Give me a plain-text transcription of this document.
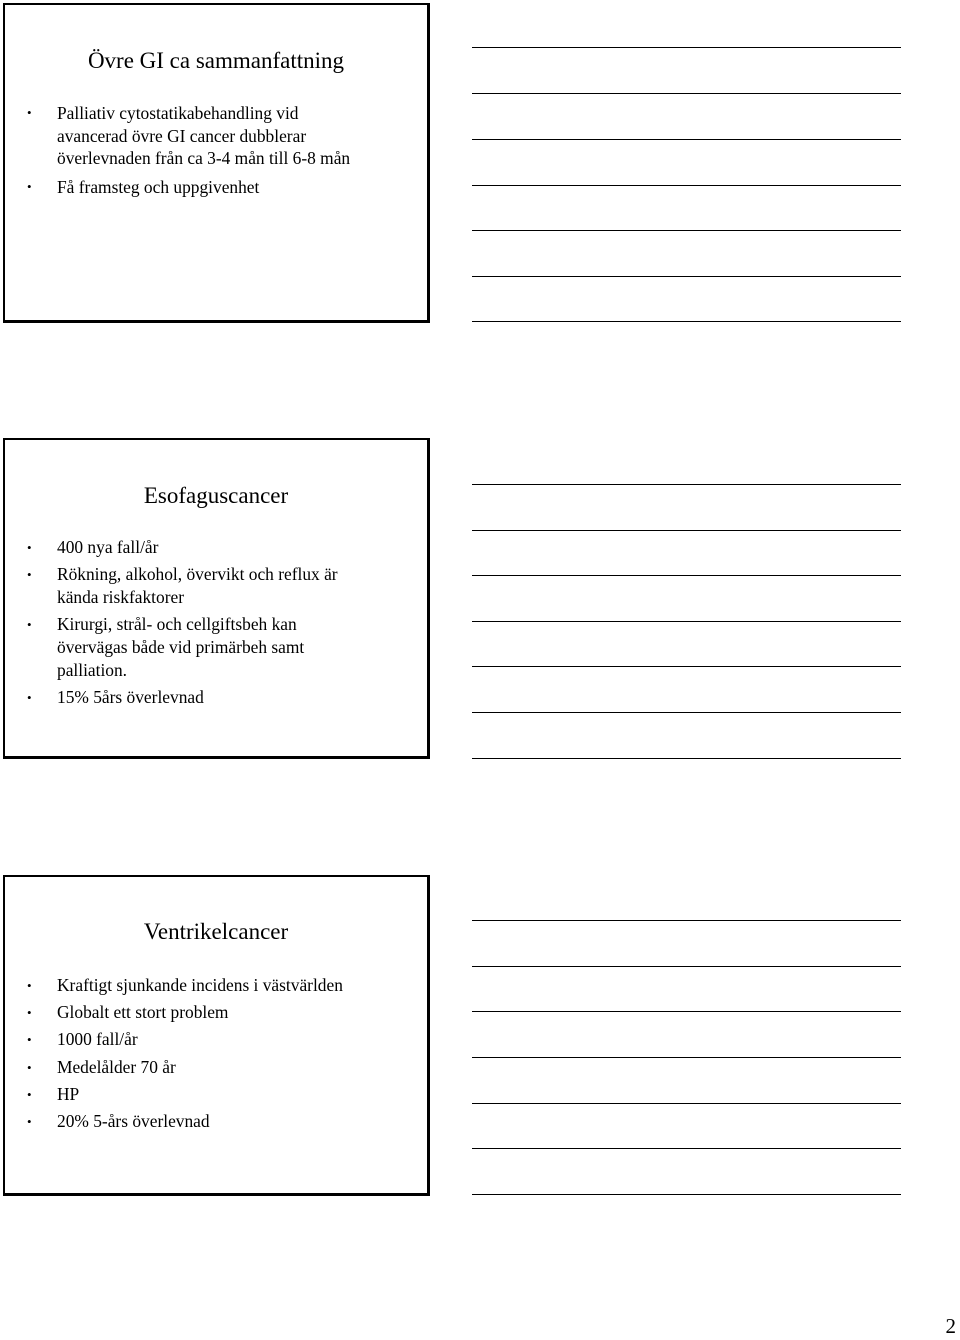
Övre GI ca sammanfattning
• Palliativ cytostatikabehandling vid
avancerad övre GI cancer dubblerar
överlevnaden från ca 3-4 mån till 6-8 mån
• Få framsteg och uppgivenhet
Esofaguscancer
• 400 nya fall/år
• Rökning, alkohol, övervikt och reflux är
kända riskfaktorer
• Kirurgi, strål- och cellgiftsbeh kan
övervägas både vid primärbeh samt
palliation.
• 15% 5års överlevnad
Ventrikelcancer
• Kraftigt sjunkande incidens i västvärlden
• Globalt ett stort problem
• 1000 fall/år
• Medelålder 70 år
• HP
• 20% 5-års överlevnad
2
